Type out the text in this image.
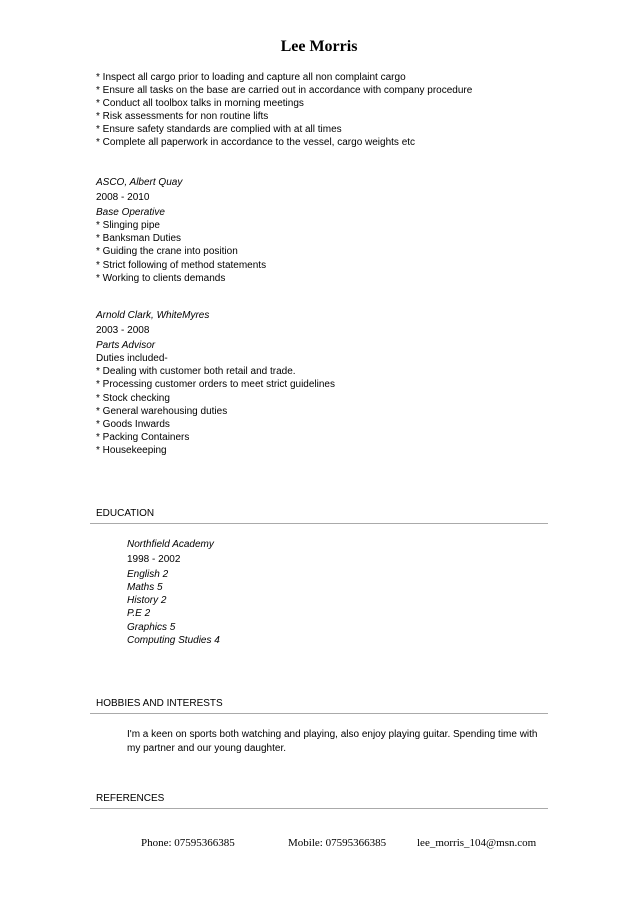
Lee Morris
* Inspect all cargo prior to loading and capture all non complaint cargo
* Ensure all tasks on the base are carried out in accordance with company procedure
* Conduct all toolbox talks in morning meetings
* Risk assessments for non routine lifts
* Ensure safety standards are complied with at all times
* Complete all paperwork in accordance to the vessel, cargo weights etc
ASCO, Albert Quay
2008 - 2010
Base Operative
* Slinging pipe
* Banksman Duties
* Guiding the crane into position
* Strict following of method statements
* Working to clients demands
Arnold Clark, WhiteMyres
2003 - 2008
Parts Advisor
Duties included-
* Dealing with customer both retail and trade.
* Processing customer orders to meet strict guidelines
* Stock checking
* General warehousing duties
* Goods Inwards
* Packing Containers
* Housekeeping
EDUCATION
Northfield Academy
1998 - 2002
English 2
Maths 5
History 2
P.E 2
Graphics 5
Computing Studies 4
HOBBIES AND INTERESTS
I'm a keen on sports both watching and playing, also enjoy playing guitar. Spending time with my partner and our young daughter.
REFERENCES
Phone: 07595366385	Mobile: 07595366385	lee_morris_104@msn.com
